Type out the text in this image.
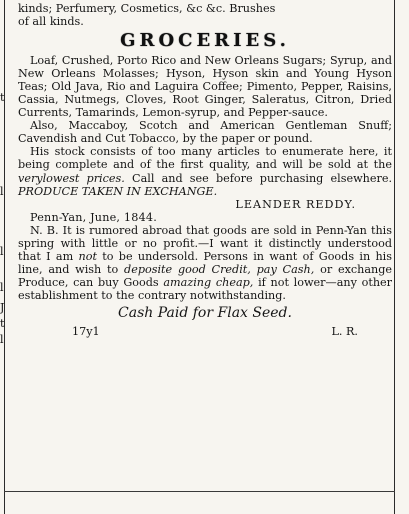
t
l
l
l
J
t
l

kinds; Perfumery, Cosmetics, &c &c. Brushes

of all kinds.

GROCERIES.

Loaf, Crushed, Porto Rico and New Orleans Sugars; Syrup, and New Orleans Molasses; Hyson, Hyson skin and Young Hyson Teas; Old Java, Rio and Laguira Coffee; Pimento, Pepper, Raisins, Cassia, Nutmegs, Cloves, Root Ginger, Saleratus, Citron, Dried Currents, Tamarinds, Lemon-syrup, and Pepper-sauce.

Also, Maccaboy, Scotch and American Gentleman Snuff; Cavendish and Cut Tobacco, by the paper or pound.

His stock consists of too many articles to enumerate here, it being complete and of the first quality, and will be sold at the verylowest prices. Call and see before purchasing elsewhere. PRODUCE TAKEN IN EXCHANGE.

LEANDER REDDY.

Penn-Yan, June, 1844.

N. B. It is rumored abroad that goods are sold in Penn-Yan this spring with little or no profit.—I want it distinctly understood that I am not to be undersold. Persons in want of Goods in his line, and wish to deposite good Credit, pay Cash, or exchange Produce, can buy Goods amazing cheap, if not lower—any other establishment to the contrary notwithstanding.

Cash Paid for Flax Seed.
17y1	L. R.
